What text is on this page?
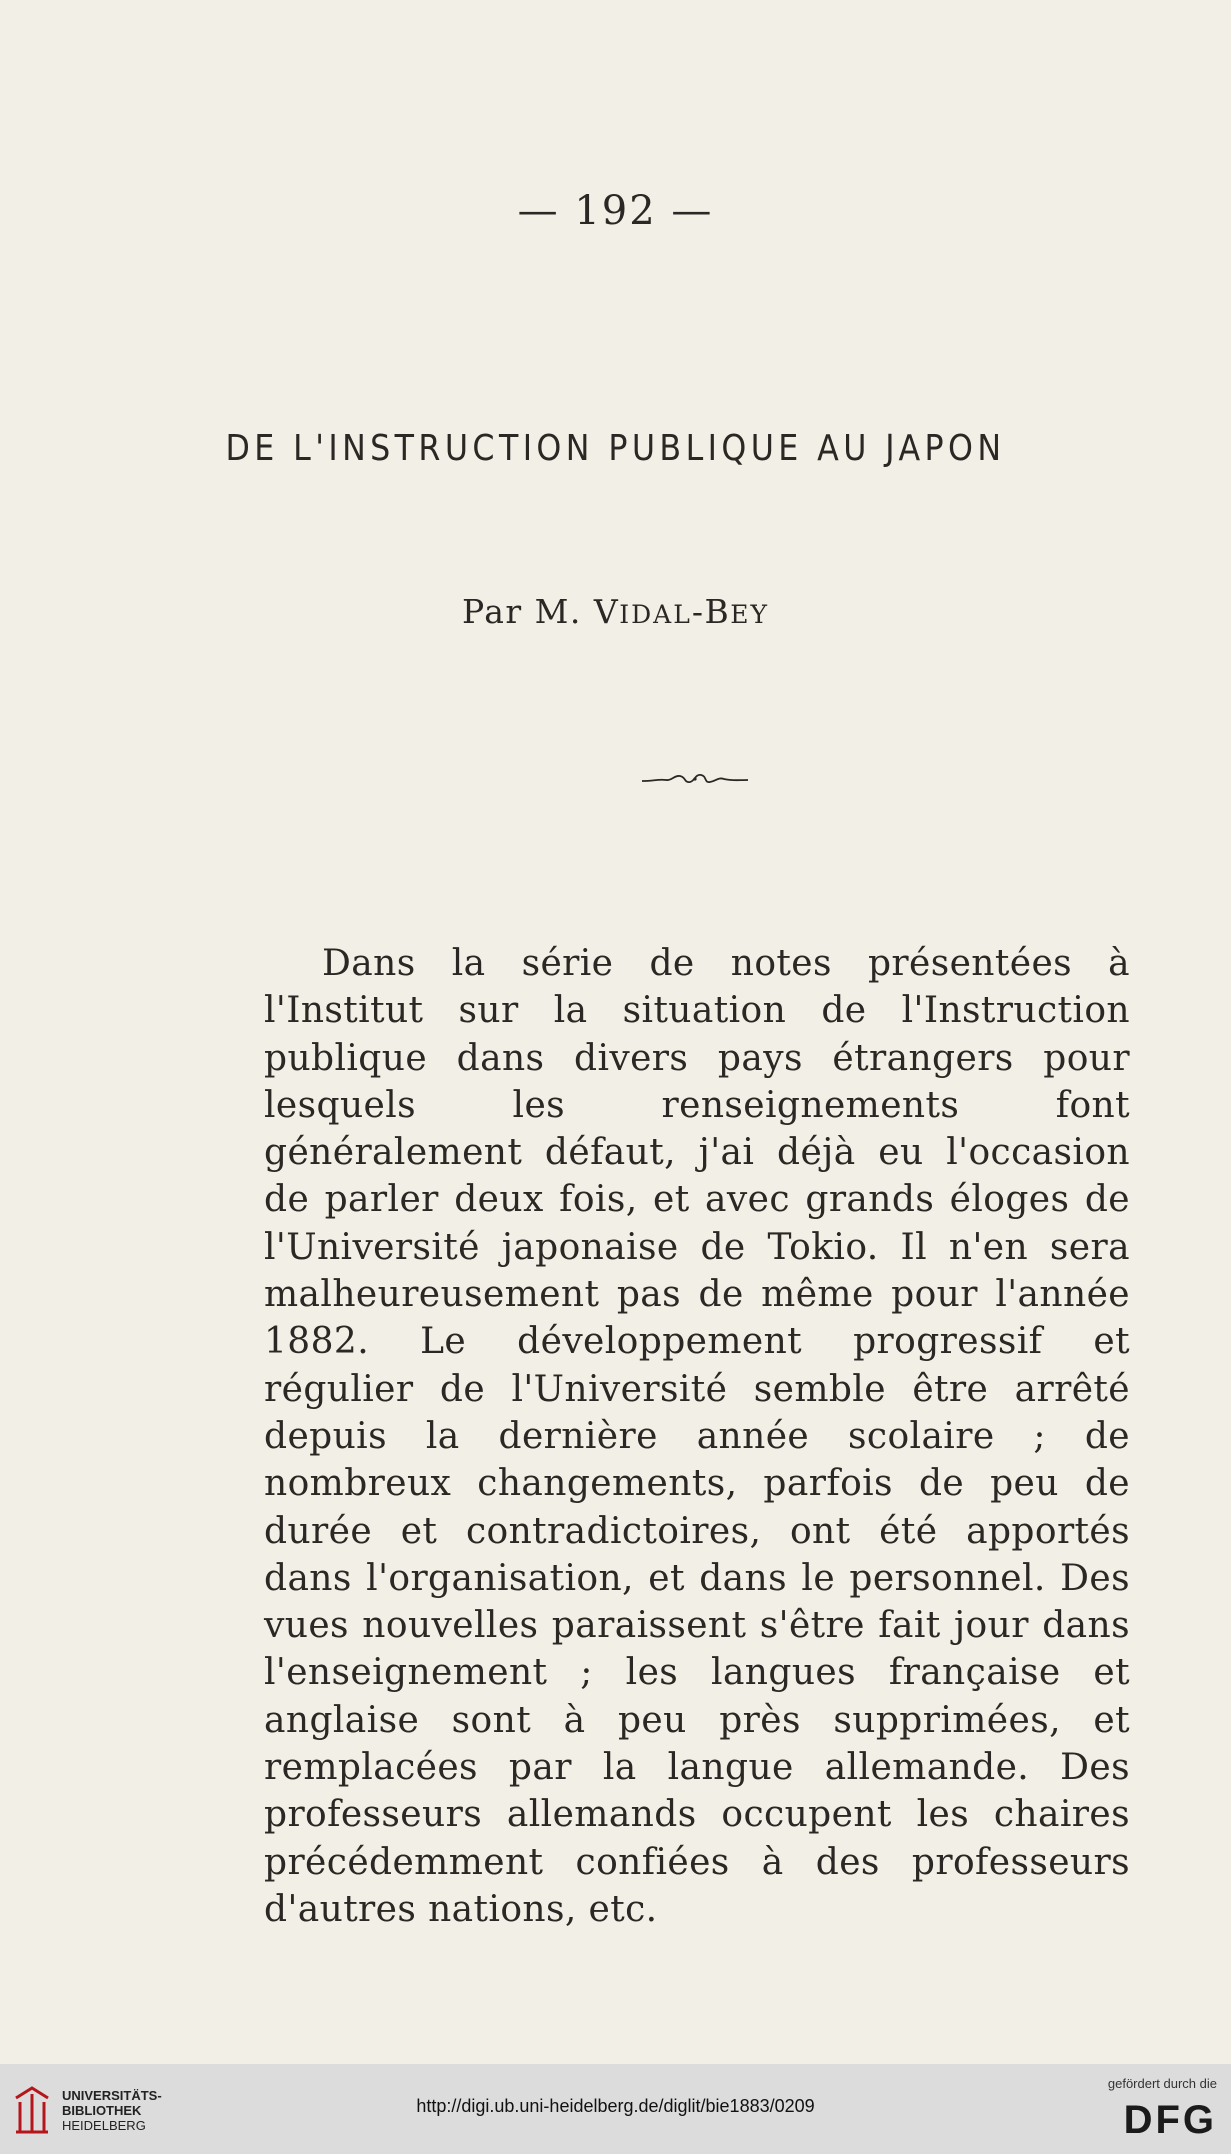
— 192 —
DE L'INSTRUCTION PUBLIQUE AU JAPON
Par M. VIDAL-BEY

Dans la série de notes présentées à l'Institut sur la situation de l'Instruction publique dans divers pays étrangers pour lesquels les renseignements font généralement défaut, j'ai déjà eu l'occasion de parler deux fois, et avec grands éloges de l'Université japonaise de Tokio. Il n'en sera malheureusement pas de même pour l'année 1882. Le développement progressif et régulier de l'Université semble être arrêté depuis la dernière année scolaire ; de nombreux changements, parfois de peu de durée et contradictoires, ont été apportés dans l'organisation, et dans le personnel. Des vues nouvelles paraissent s'être fait jour dans l'enseignement ; les langues française et anglaise sont à peu près supprimées, et remplacées par la langue allemande. Des professeurs allemands occupent les chaires précédemment confiées à des professeurs d'autres nations, etc.

UNIVERSITÄTS-
BIBLIOTHEK
HEIDELBERG
http://digi.ub.uni-heidelberg.de/diglit/bie1883/0209
gefördert durch die
DFG
